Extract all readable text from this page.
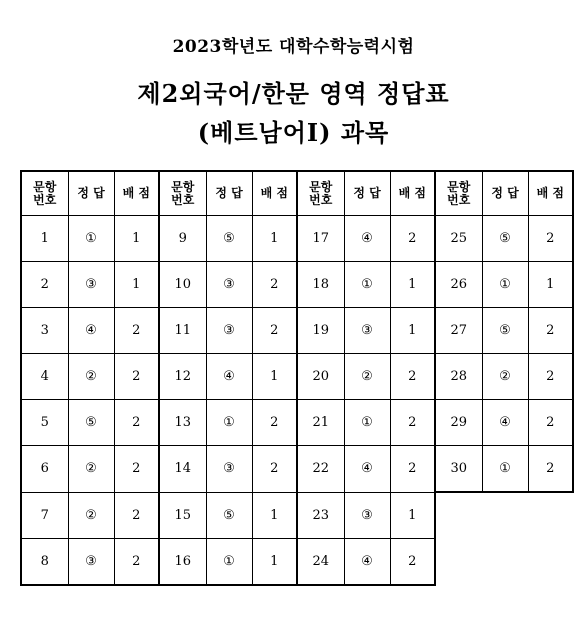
2023학년도 대학수학능력시험
제2외국어/한문 영역 정답표
(베트남어Ⅰ) 과목
문항
번호	정 답	배 점	문항
번호	정 답	배 점	문항
번호	정 답	배 점	문항
번호	정 답	배 점
1	①	1	9	⑤	1	17	④	2	25	⑤	2
2	③	1	10	③	2	18	①	1	26	①	1
3	④	2	11	③	2	19	③	1	27	⑤	2
4	②	2	12	④	1	20	②	2	28	②	2
5	⑤	2	13	①	2	21	①	2	29	④	2
6	②	2	14	③	2	22	④	2	30	①	2
7	②	2	15	⑤	1	23	③	1			
8	③	2	16	①	1	24	④	2			
